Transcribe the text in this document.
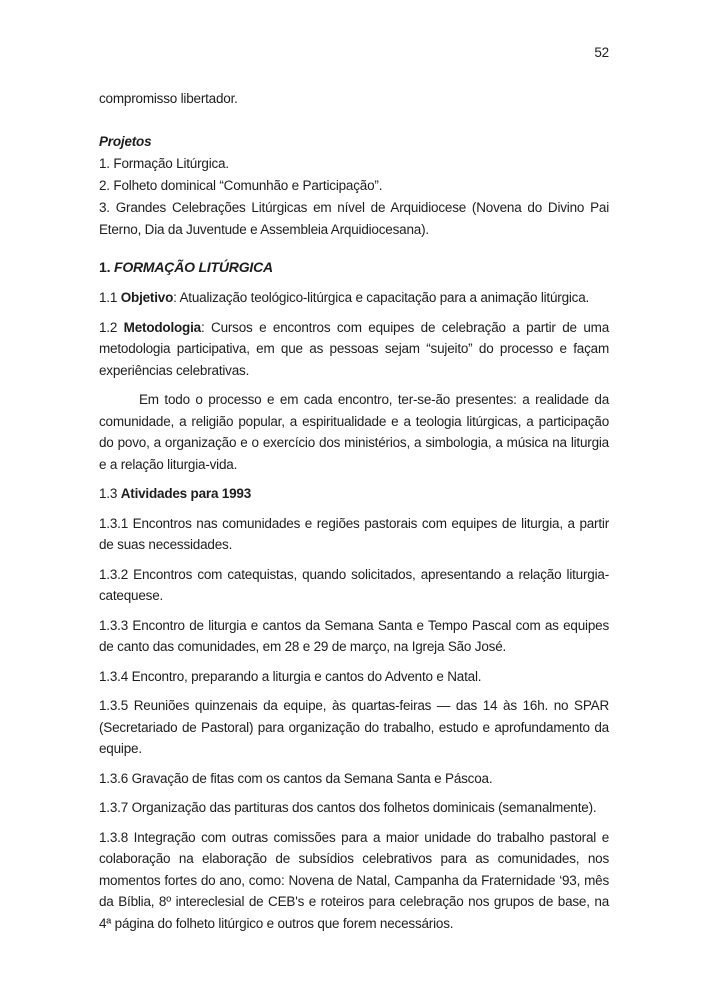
52

compromisso libertador.

Projetos

1. Formação Litúrgica.

2. Folheto dominical “Comunhão e Participação”.

3. Grandes Celebrações Litúrgicas em nível de Arquidiocese (Novena do Divino Pai Eterno, Dia da Juventude e Assembleia Arquidiocesana).

1. FORMAÇÃO LITÚRGICA

1.1 Objetivo: Atualização teológico-litúrgica e capacitação para a animação litúrgica.

1.2 Metodologia: Cursos e encontros com equipes de celebração a partir de uma metodologia participativa, em que as pessoas sejam “sujeito” do processo e façam experiências celebrativas.

Em todo o processo e em cada encontro, ter-se-ão presentes: a realidade da comunidade, a religião popular, a espiritualidade e a teologia litúrgicas, a participação do povo, a organização e o exercício dos ministérios, a simbologia, a música na liturgia e a relação liturgia-vida.

1.3 Atividades para 1993

1.3.1 Encontros nas comunidades e regiões pastorais com equipes de liturgia, a partir de suas necessidades.

1.3.2 Encontros com catequistas, quando solicitados, apresentando a relação liturgia-catequese.

1.3.3 Encontro de liturgia e cantos da Semana Santa e Tempo Pascal com as equipes de canto das comunidades, em 28 e 29 de março, na Igreja São José.

1.3.4 Encontro, preparando a liturgia e cantos do Advento e Natal.

1.3.5 Reuniões quinzenais da equipe, às quartas-feiras — das 14 às 16h. no SPAR (Secretariado de Pastoral) para organização do trabalho, estudo e aprofundamento da equipe.

1.3.6 Gravação de fitas com os cantos da Semana Santa e Páscoa.

1.3.7 Organização das partituras dos cantos dos folhetos dominicais (semanalmente).

1.3.8 Integração com outras comissões para a maior unidade do trabalho pastoral e colaboração na elaboração de subsídios celebrativos para as comunidades, nos momentos fortes do ano, como: Novena de Natal, Campanha da Fraternidade ‘93, mês da Bíblia, 8º intereclesial de CEB's e roteiros para celebração nos grupos de base, na 4ª página do folheto litúrgico e outros que forem necessários.
